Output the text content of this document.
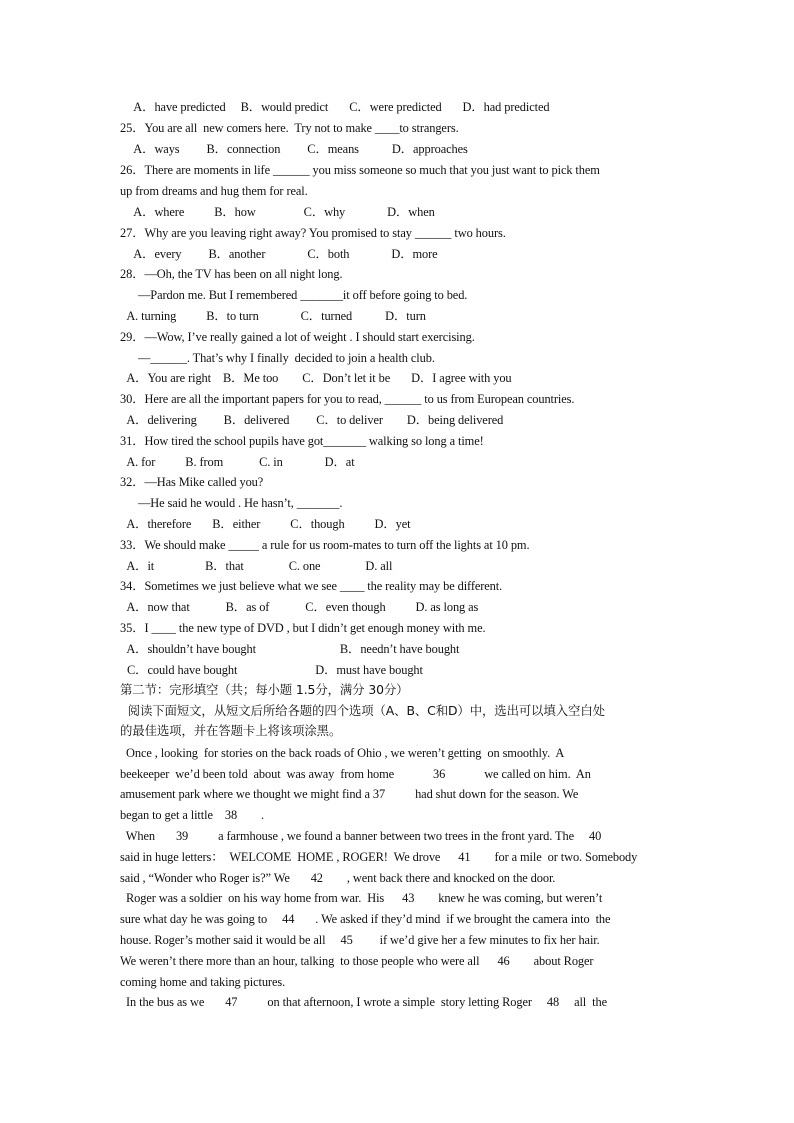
A．have predicted     B．would predict       C．were predicted       D．had predicted
25．You are all  new comers here.  Try not to make ____to strangers.
A．ways         B．connection         C．means           D．approaches
26．There are moments in life ______ you miss someone so much that you just want to pick them
up from dreams and hug them for real.
A．where          B．how                C．why              D．when
27．Why are you leaving right away? You promised to stay ______ two hours.
A．every         B．another              C．both              D．more
28．—Oh, the TV has been on all night long.
—Pardon me. But I remembered _______it off before going to bed.
A. turning          B．to turn              C．turned           D．turn
29．—Wow, I’ve really gained a lot of weight . I should start exercising.
—______. That’s why I finally  decided to join a health club.
A．You are right    B．Me too        C．Don’t let it be       D．I agree with you
30．Here are all the important papers for you to read, ______ to us from European countries.
A．delivering         B．delivered         C．to deliver        D．being delivered
31．How tired the school pupils have got_______ walking so long a time!
A. for          B. from            C. in              D．at
32．—Has Mike called you?
—He said he would . He hasn’t, _______.
A．therefore       B．either          C．though          D．yet
33．We should make _____ a rule for us room-mates to turn off the lights at 10 pm.
A．it                 B．that               C. one               D. all
34．Sometimes we just believe what we see ____ the reality may be different.
A．now that            B．as of            C．even though          D. as long as
35．I ____ the new type of DVD , but I didn’t get enough money with me.
A．shouldn’t have bought                            B．needn’t have bought
C．could have bought                          D．must have bought
第二节：完形填空（共；每小题 1.5分，满分 30分）
阅读下面短文，从短文后所给各题的四个选项（A、B、C和D）中，选出可以填入空白处
的最佳选项，并在答题卡上将该项涂黑。
Once , looking  for stories on the back roads of Ohio , we weren’t getting  on smoothly.  A
beekeeper  we’d been told  about  was away  from home             36             we called on him.  An
amusement park where we thought we might find a 37          had shut down for the season. We
began to get a little    38        .
When       39          a farmhouse , we found a banner between two trees in the front yard. The     40
said in huge letters：  WELCOME  HOME , ROGER!  We drove      41        for a mile  or two. Somebody
said , “Wonder who Roger is?” We       42        , went back there and knocked on the door.
Roger was a soldier  on his way home from war.  His      43        knew he was coming, but weren’t
sure what day he was going to     44       . We asked if they’d mind  if we brought the camera into  the
house. Roger’s mother said it would be all     45         if we’d give her a few minutes to fix her hair.
We weren’t there more than an hour, talking  to those people who were all      46        about Roger
coming home and taking pictures.
In the bus as we       47          on that afternoon, I wrote a simple  story letting Roger     48     all  the
